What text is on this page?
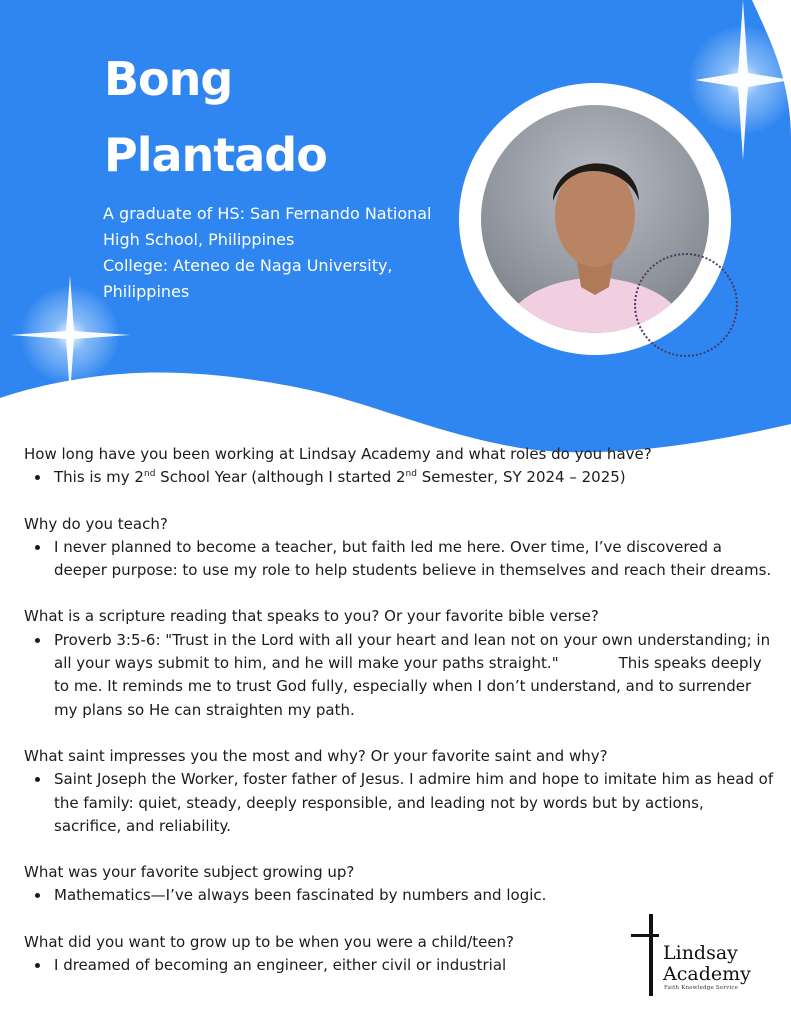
Bong
Plantado
A graduate of HS: San Fernando National
High School, Philippines
College: Ateneo de Naga University,
Philippines
How long have you been working at Lindsay Academy and what roles do you have?
This is my 2nd School Year (although I started 2nd Semester, SY 2024 – 2025)
Why do you teach?
I never planned to become a teacher, but faith led me here. Over time, I’ve discovered a deeper purpose: to use my role to help students believe in themselves and reach their dreams.
What is a scripture reading that speaks to you? Or your favorite bible verse?
Proverb 3:5-6: "Trust in the Lord with all your heart and lean not on your own understanding; in all your ways submit to him, and he will make your paths straight."	This speaks deeply to me. It reminds me to trust God fully, especially when I don’t understand, and to surrender my plans so He can straighten my path.
What saint impresses you the most and why? Or your favorite saint and why?
Saint Joseph the Worker, foster father of Jesus. I admire him and hope to imitate him as head of the family: quiet, steady, deeply responsible, and leading not by words but by actions, sacrifice, and reliability.
What was your favorite subject growing up?
Mathematics—I’ve always been fascinated by numbers and logic.
What did you want to grow up to be when you were a child/teen?
I dreamed of becoming an engineer, either civil or industrial
Lindsay
Academy
Faith Knowledge Service
